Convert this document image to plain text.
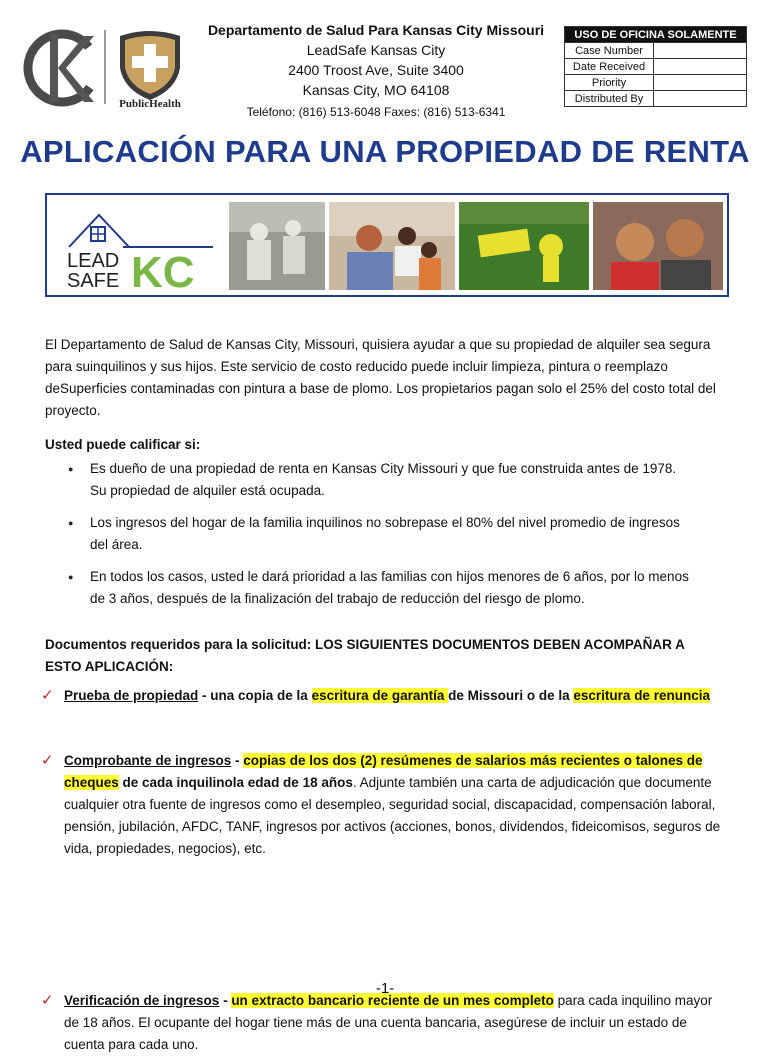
KC	PublicHealth
Departamento de Salud Para Kansas City Missouri
LeadSafe Kansas City
2400 Troost Ave, Suite 3400
Kansas City, MO 64108
Teléfono: (816) 513-6048 Faxes: (816) 513-6341
USO DE OFICINA SOLAMENTE	
Case Number	
Date Received	
Priority	
Distributed By	
APLICACIÓN PARA UNA PROPIEDAD DE RENTA
LEAD
SAFE KC
El Departamento de Salud de Kansas City, Missouri, quisiera ayudar a que su propiedad de alquiler sea segura para suinquilinos y sus hijos. Este servicio de costo reducido puede incluir limpieza, pintura o reemplazo deSuperficies contaminadas con pintura a base de plomo. Los propietarios pagan solo el 25% del costo total del proyecto.
Usted puede calificar si:
● Es dueño de una propiedad de renta en Kansas City Missouri y que fue construida antes de 1978. Su propiedad de alquiler está ocupada.
● Los ingresos del hogar de la familia inquilinos no sobrepase el 80% del nivel promedio de ingresos del área.
● En todos los casos, usted le dará prioridad a las familias con hijos menores de 6 años, por lo menos de 3 años, después de la finalización del trabajo de reducción del riesgo de plomo.
Documentos requeridos para la solicitud: LOS SIGUIENTES DOCUMENTOS DEBEN ACOMPAÑAR A ESTO APLICACIÓN:
✓ Prueba de propiedad - una copia de la escritura de garantía de Missouri o de la escritura de renuncia
✓ Comprobante de ingresos - copias de los dos (2) resúmenes de salarios más recientes o talones de cheques de cada inquilinola edad de 18 años. Adjunte también una carta de adjudicación que documente cualquier otra fuente de ingresos como el desempleo, seguridad social, discapacidad, compensación laboral, pensión, jubilación, AFDC, TANF, ingresos por activos (acciones, bonos, dividendos, fideicomisos, seguros de vida, propiedades, negocios), etc.
✓ Verificación de ingresos - un extracto bancario reciente de un mes completo para cada inquilino mayor de 18 años. El ocupante del hogar tiene más de una cuenta bancaria, asegúrese de incluir un estado de cuenta para cada uno.
-1-
